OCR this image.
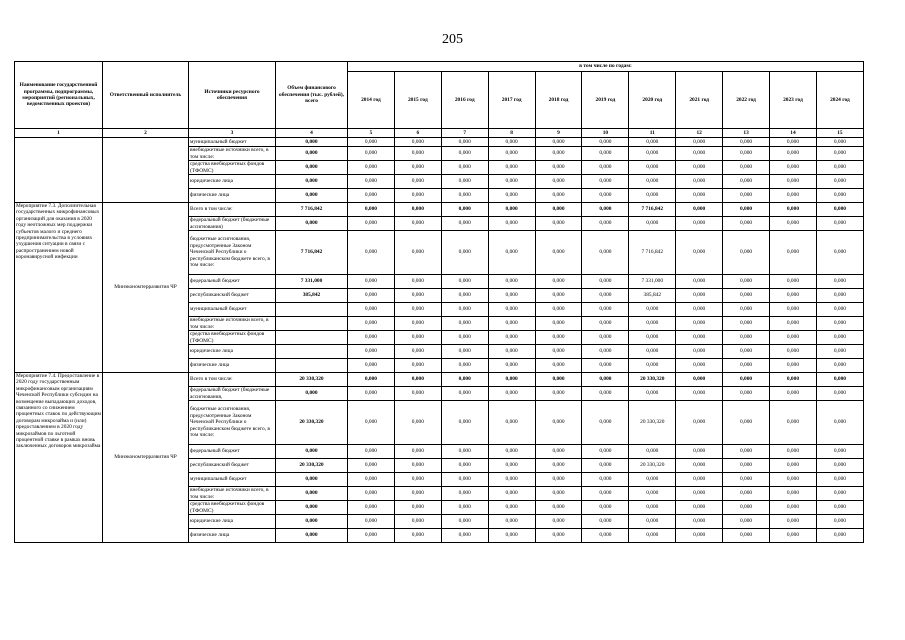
205
Наименование государственной программы, подпрограммы, мероприятий (региональных, ведомственных проектов)	Ответственный исполнитель	Источники ресурсного обеспечения	Объем финансового обеспечения (тыс. рублей), всего	в том числе по годам:										
				2014 год	2015 год	2016 год	2017 год	2018 год	2019 год	2020 год	2021 год	2022 год	2023 год	2024 год
1	2	3	4	5	6	7	8	9	10	11	12	13	14	15
		муниципальный бюджет	0,000	0,000	0,000	0,000	0,000	0,000	0,000	0,000	0,000	0,000	0,000	0,000
		внебюджетные источники всего, в том числе:	0,000	0,000	0,000	0,000	0,000	0,000	0,000	0,000	0,000	0,000	0,000	0,000
		средства внебюджетных фондов (ТФОМС)	0,000	0,000	0,000	0,000	0,000	0,000	0,000	0,000	0,000	0,000	0,000	0,000
		юридические лица	0,000	0,000	0,000	0,000	0,000	0,000	0,000	0,000	0,000	0,000	0,000	0,000
		физические лица	0,000	0,000	0,000	0,000	0,000	0,000	0,000	0,000	0,000	0,000	0,000	0,000
Мероприятие 7.3. Дополнительная государственных микрофинансовых организаций для оказания в 2020 году неотложных мер поддержки субъектов малого и среднего предпринимательства в условиях ухудшения ситуации в связи с распространением новой коронавирусной инфекции	Минэкономтерразвития ЧР	Всего в том числе:	7 716,842	0,000	0,000	0,000	0,000	0,000	0,000	7 716,842	0,000	0,000	0,000	0,000
		федеральный бюджет (бюджетные ассигнования)	0,000	0,000	0,000	0,000	0,000	0,000	0,000	0,000	0,000	0,000	0,000	0,000
		бюджетные ассигнования, предусмотренные Законом Чеченской Республики о республиканском бюджете всего, в том числе:	7 716,842	0,000	0,000	0,000	0,000	0,000	0,000	7 716,842	0,000	0,000	0,000	0,000
		федеральный бюджет	7 331,000	0,000	0,000	0,000	0,000	0,000	0,000	7 331,000	0,000	0,000	0,000	0,000
		республиканский бюджет	385,842	0,000	0,000	0,000	0,000	0,000	0,000	385,842	0,000	0,000	0,000	0,000
		муниципальный бюджет		0,000	0,000	0,000	0,000	0,000	0,000	0,000	0,000	0,000	0,000	0,000
		внебюджетные источники всего, в том числе:		0,000	0,000	0,000	0,000	0,000	0,000	0,000	0,000	0,000	0,000	0,000
		средства внебюджетных фондов (ТФОМС)		0,000	0,000	0,000	0,000	0,000	0,000	0,000	0,000	0,000	0,000	0,000
		юридические лица		0,000	0,000	0,000	0,000	0,000	0,000	0,000	0,000	0,000	0,000	0,000
		физические лица		0,000	0,000	0,000	0,000	0,000	0,000	0,000	0,000	0,000	0,000	0,000
Мероприятие 7.4. Предоставление в 2020 году государственным микрофинансовым организациям Чеченской Республики субсидии на возмещение выпадающих доходов, связанного со снижением процентных ставок по действующим договорам микрозайма и (или) предоставлением в 2020 году микрозаймов по льготной процентной ставке в рамках вновь заключенных договоров микрозайма	Минэкономтерразвития ЧР	Всего в том числе:	20 330,320	0,000	0,000	0,000	0,000	0,000	0,000	20 330,320	0,000	0,000	0,000	0,000
		федеральный бюджет (бюджетные ассигнования,	0,000	0,000	0,000	0,000	0,000	0,000	0,000	0,000	0,000	0,000	0,000	0,000
		бюджетные ассигнования, предусмотренные Законом Чеченской Республики о республиканском бюджете всего, в том числе:	20 330,320	0,000	0,000	0,000	0,000	0,000	0,000	20 330,320	0,000	0,000	0,000	0,000
		федеральный бюджет	0,000	0,000	0,000	0,000	0,000	0,000	0,000	0,000	0,000	0,000	0,000	0,000
		республиканский бюджет	20 330,320	0,000	0,000	0,000	0,000	0,000	0,000	20 330,320	0,000	0,000	0,000	0,000
		муниципальный бюджет	0,000	0,000	0,000	0,000	0,000	0,000	0,000	0,000	0,000	0,000	0,000	0,000
		внебюджетные источники всего, в том числе:	0,000	0,000	0,000	0,000	0,000	0,000	0,000	0,000	0,000	0,000	0,000	0,000
		средства внебюджетных фондов (ТФОМС)	0,000	0,000	0,000	0,000	0,000	0,000	0,000	0,000	0,000	0,000	0,000	0,000
		юридические лица	0,000	0,000	0,000	0,000	0,000	0,000	0,000	0,000	0,000	0,000	0,000	0,000
		физические лица	0,000	0,000	0,000	0,000	0,000	0,000	0,000	0,000	0,000	0,000	0,000	0,000
